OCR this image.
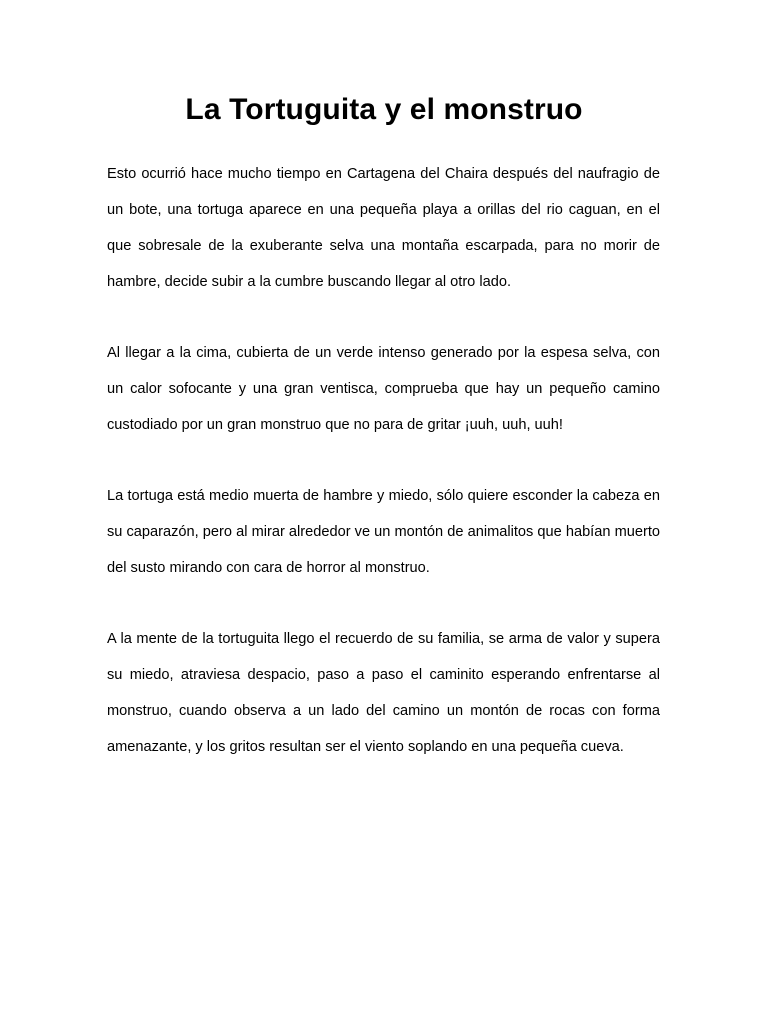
La Tortuguita y el monstruo

Esto ocurrió hace mucho tiempo en Cartagena del Chaira después del naufragio de un bote, una tortuga aparece en una pequeña playa a orillas del rio caguan, en el que sobresale de la exuberante selva una montaña escarpada, para no morir de hambre, decide subir a la cumbre buscando llegar al otro lado.

Al llegar a la cima, cubierta de un verde intenso generado por la espesa selva, con un calor sofocante y una gran ventisca, comprueba que hay un pequeño camino custodiado por un gran monstruo que no para de gritar ¡uuh, uuh, uuh!

La tortuga está medio muerta de hambre y miedo, sólo quiere esconder la cabeza en su caparazón, pero al mirar alrededor ve un montón de animalitos que habían muerto del susto mirando con cara de horror al monstruo.

A la mente de la tortuguita llego el recuerdo de su familia, se arma de valor y supera su miedo, atraviesa despacio, paso a paso el caminito esperando enfrentarse al monstruo, cuando observa a un lado del camino un montón de rocas con forma amenazante, y los gritos resultan ser el viento soplando en una pequeña cueva.
